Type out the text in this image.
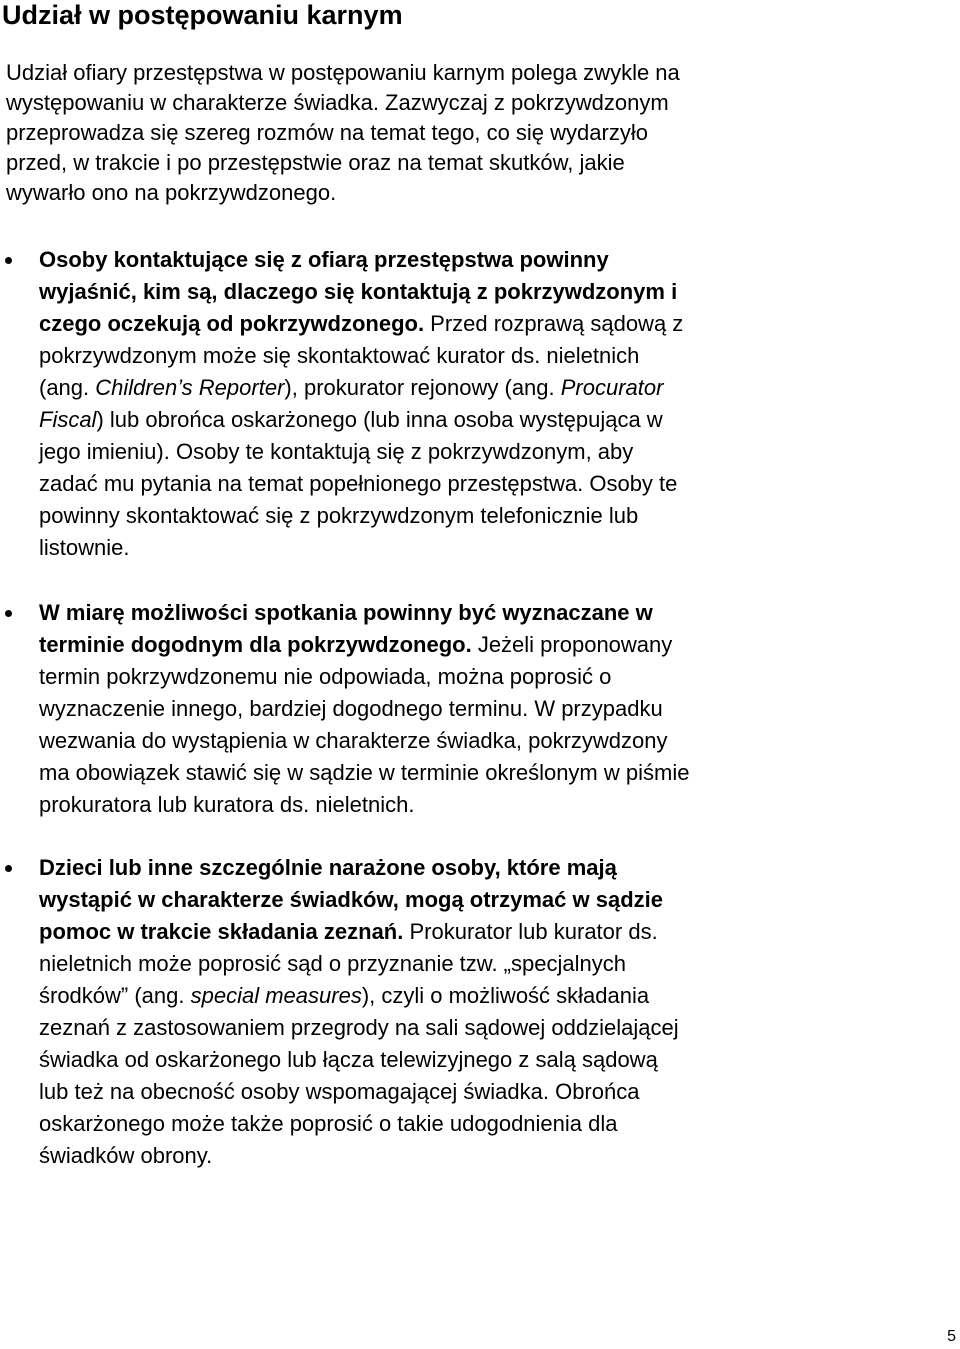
Udział w postępowaniu karnym
Udział ofiary przestępstwa w postępowaniu karnym polega zwykle na
występowaniu w charakterze świadka. Zazwyczaj z pokrzywdzonym
przeprowadza się szereg rozmów na temat tego, co się wydarzyło
przed, w trakcie i po przestępstwie oraz na temat skutków, jakie
wywarło ono na pokrzywdzonego.
Osoby kontaktujące się z ofiarą przestępstwa powinny
wyjaśnić, kim są, dlaczego się kontaktują z pokrzywdzonym i
czego oczekują od pokrzywdzonego. Przed rozprawą sądową z
pokrzywdzonym może się skontaktować kurator ds. nieletnich
(ang. Children’s Reporter), prokurator rejonowy (ang. Procurator
Fiscal) lub obrońca oskarżonego (lub inna osoba występująca w
jego imieniu). Osoby te kontaktują się z pokrzywdzonym, aby
zadać mu pytania na temat popełnionego przestępstwa. Osoby te
powinny skontaktować się z pokrzywdzonym telefonicznie lub
listownie.
W miarę możliwości spotkania powinny być wyznaczane w
terminie dogodnym dla pokrzywdzonego. Jeżeli proponowany
termin pokrzywdzonemu nie odpowiada, można poprosić o
wyznaczenie innego, bardziej dogodnego terminu. W przypadku
wezwania do wystąpienia w charakterze świadka, pokrzywdzony
ma obowiązek stawić się w sądzie w terminie określonym w piśmie
prokuratora lub kuratora ds. nieletnich.
Dzieci lub inne szczególnie narażone osoby, które mają
wystąpić w charakterze świadków, mogą otrzymać w sądzie
pomoc w trakcie składania zeznań. Prokurator lub kurator ds.
nieletnich może poprosić sąd o przyznanie tzw. „specjalnych
środków” (ang. special measures), czyli o możliwość składania
zeznań z zastosowaniem przegrody na sali sądowej oddzielającej
świadka od oskarżonego lub łącza telewizyjnego z salą sądową
lub też na obecność osoby wspomagającej świadka. Obrońca
oskarżonego może także poprosić o takie udogodnienia dla
świadków obrony.
5
